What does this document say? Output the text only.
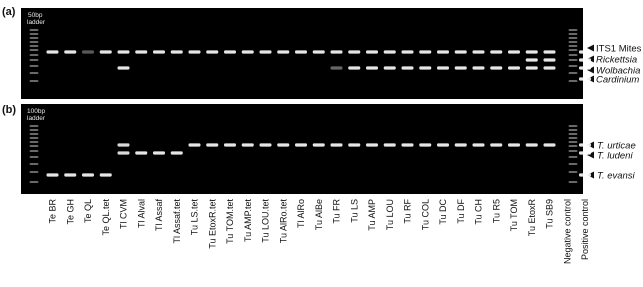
(a)
(b)
50bp
ladder
100bp
ladder
ITS1 Mites
Rickettsia
Wolbachia
Cardinium
T. urticae
T. ludeni
T. evansi
Te BR Te GH Te QL Te QL.tet Tl CVM Tl Alval Tl Assaf Tl Assaf.tet Tu LS.tet Tu EtoxR.tet Tu TOM.tet Tu AMP.tet Tu LOU.tet Tu AlRo.tet Tl AlRo Tu AlBe Tu FR Tu LS Tu AMP Tu LOU Tu RF Tu COL Tu DC Tu DF Tu CH Tu R5 Tu TOM Tu EtoxR Tu SB9 Negative control Positive control
